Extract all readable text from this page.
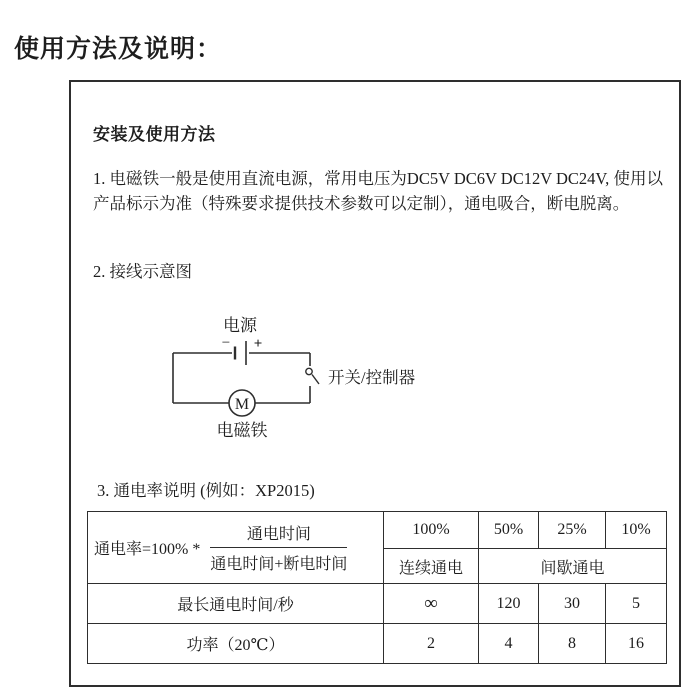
使用方法及说明：
安装及使用方法
1. 电磁铁一般是使用直流电源，常用电压为DC5V DC6V DC12V DC24V, 使用以产品标示为准（特殊要求提供技术参数可以定制），通电吸合，断电脱离。
2. 接线示意图
电源
− +
M
开关/控制器
电磁铁
3. 通电率说明 (例如：XP2015)
通电率$=100\% * \frac{\text{通电时间}}{\text{通电时间+断电时间}}$	100%	50%	25%	10%
	连续通电	间歇通电		
最长通电时间/秒	∞	120	30	5
功率（20℃）	2	4	8	16
